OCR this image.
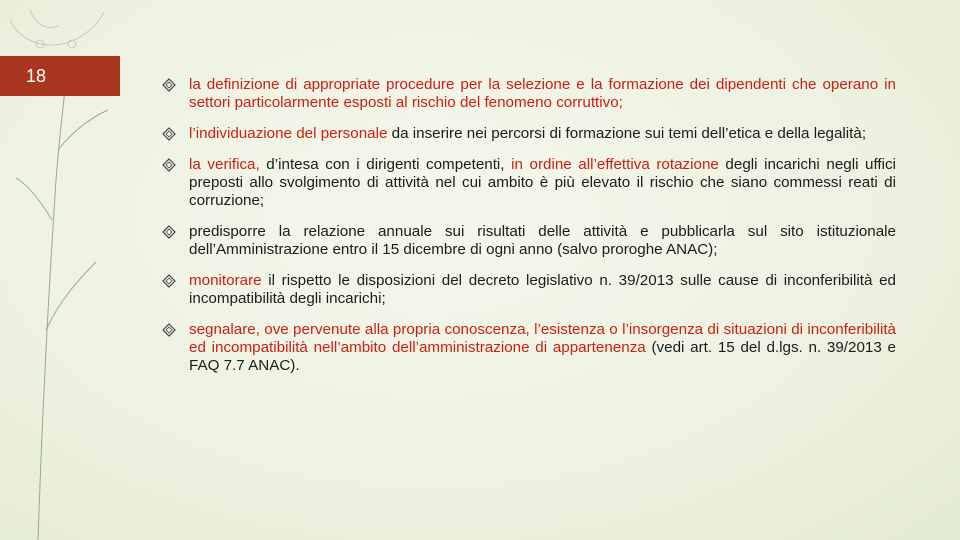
18	la definizione di appropriate procedure per la selezione e la formazione dei dipendenti che operano in settori particolarmente esposti al rischio del fenomeno corruttivo;
l’individuazione del personale da inserire nei percorsi di formazione sui temi dell’etica e della legalità;
la verifica, d’intesa con i dirigenti competenti, in ordine all’effettiva rotazione degli incarichi negli uffici preposti allo svolgimento di attività nel cui ambito è più elevato il rischio che siano commessi reati di corruzione;
predisporre la relazione annuale sui risultati delle attività e pubblicarla sul sito istituzionale dell’Amministrazione entro il 15 dicembre di ogni anno (salvo proroghe ANAC);
monitorare il rispetto le disposizioni del decreto legislativo n. 39/2013 sulle cause di inconferibilità ed incompatibilità degli incarichi;
segnalare, ove pervenute alla propria conoscenza, l’esistenza o l’insorgenza di situazioni di inconferibilità ed incompatibilità nell’ambito dell’amministrazione di appartenenza (vedi art. 15 del d.lgs. n. 39/2013 e FAQ 7.7 ANAC).
